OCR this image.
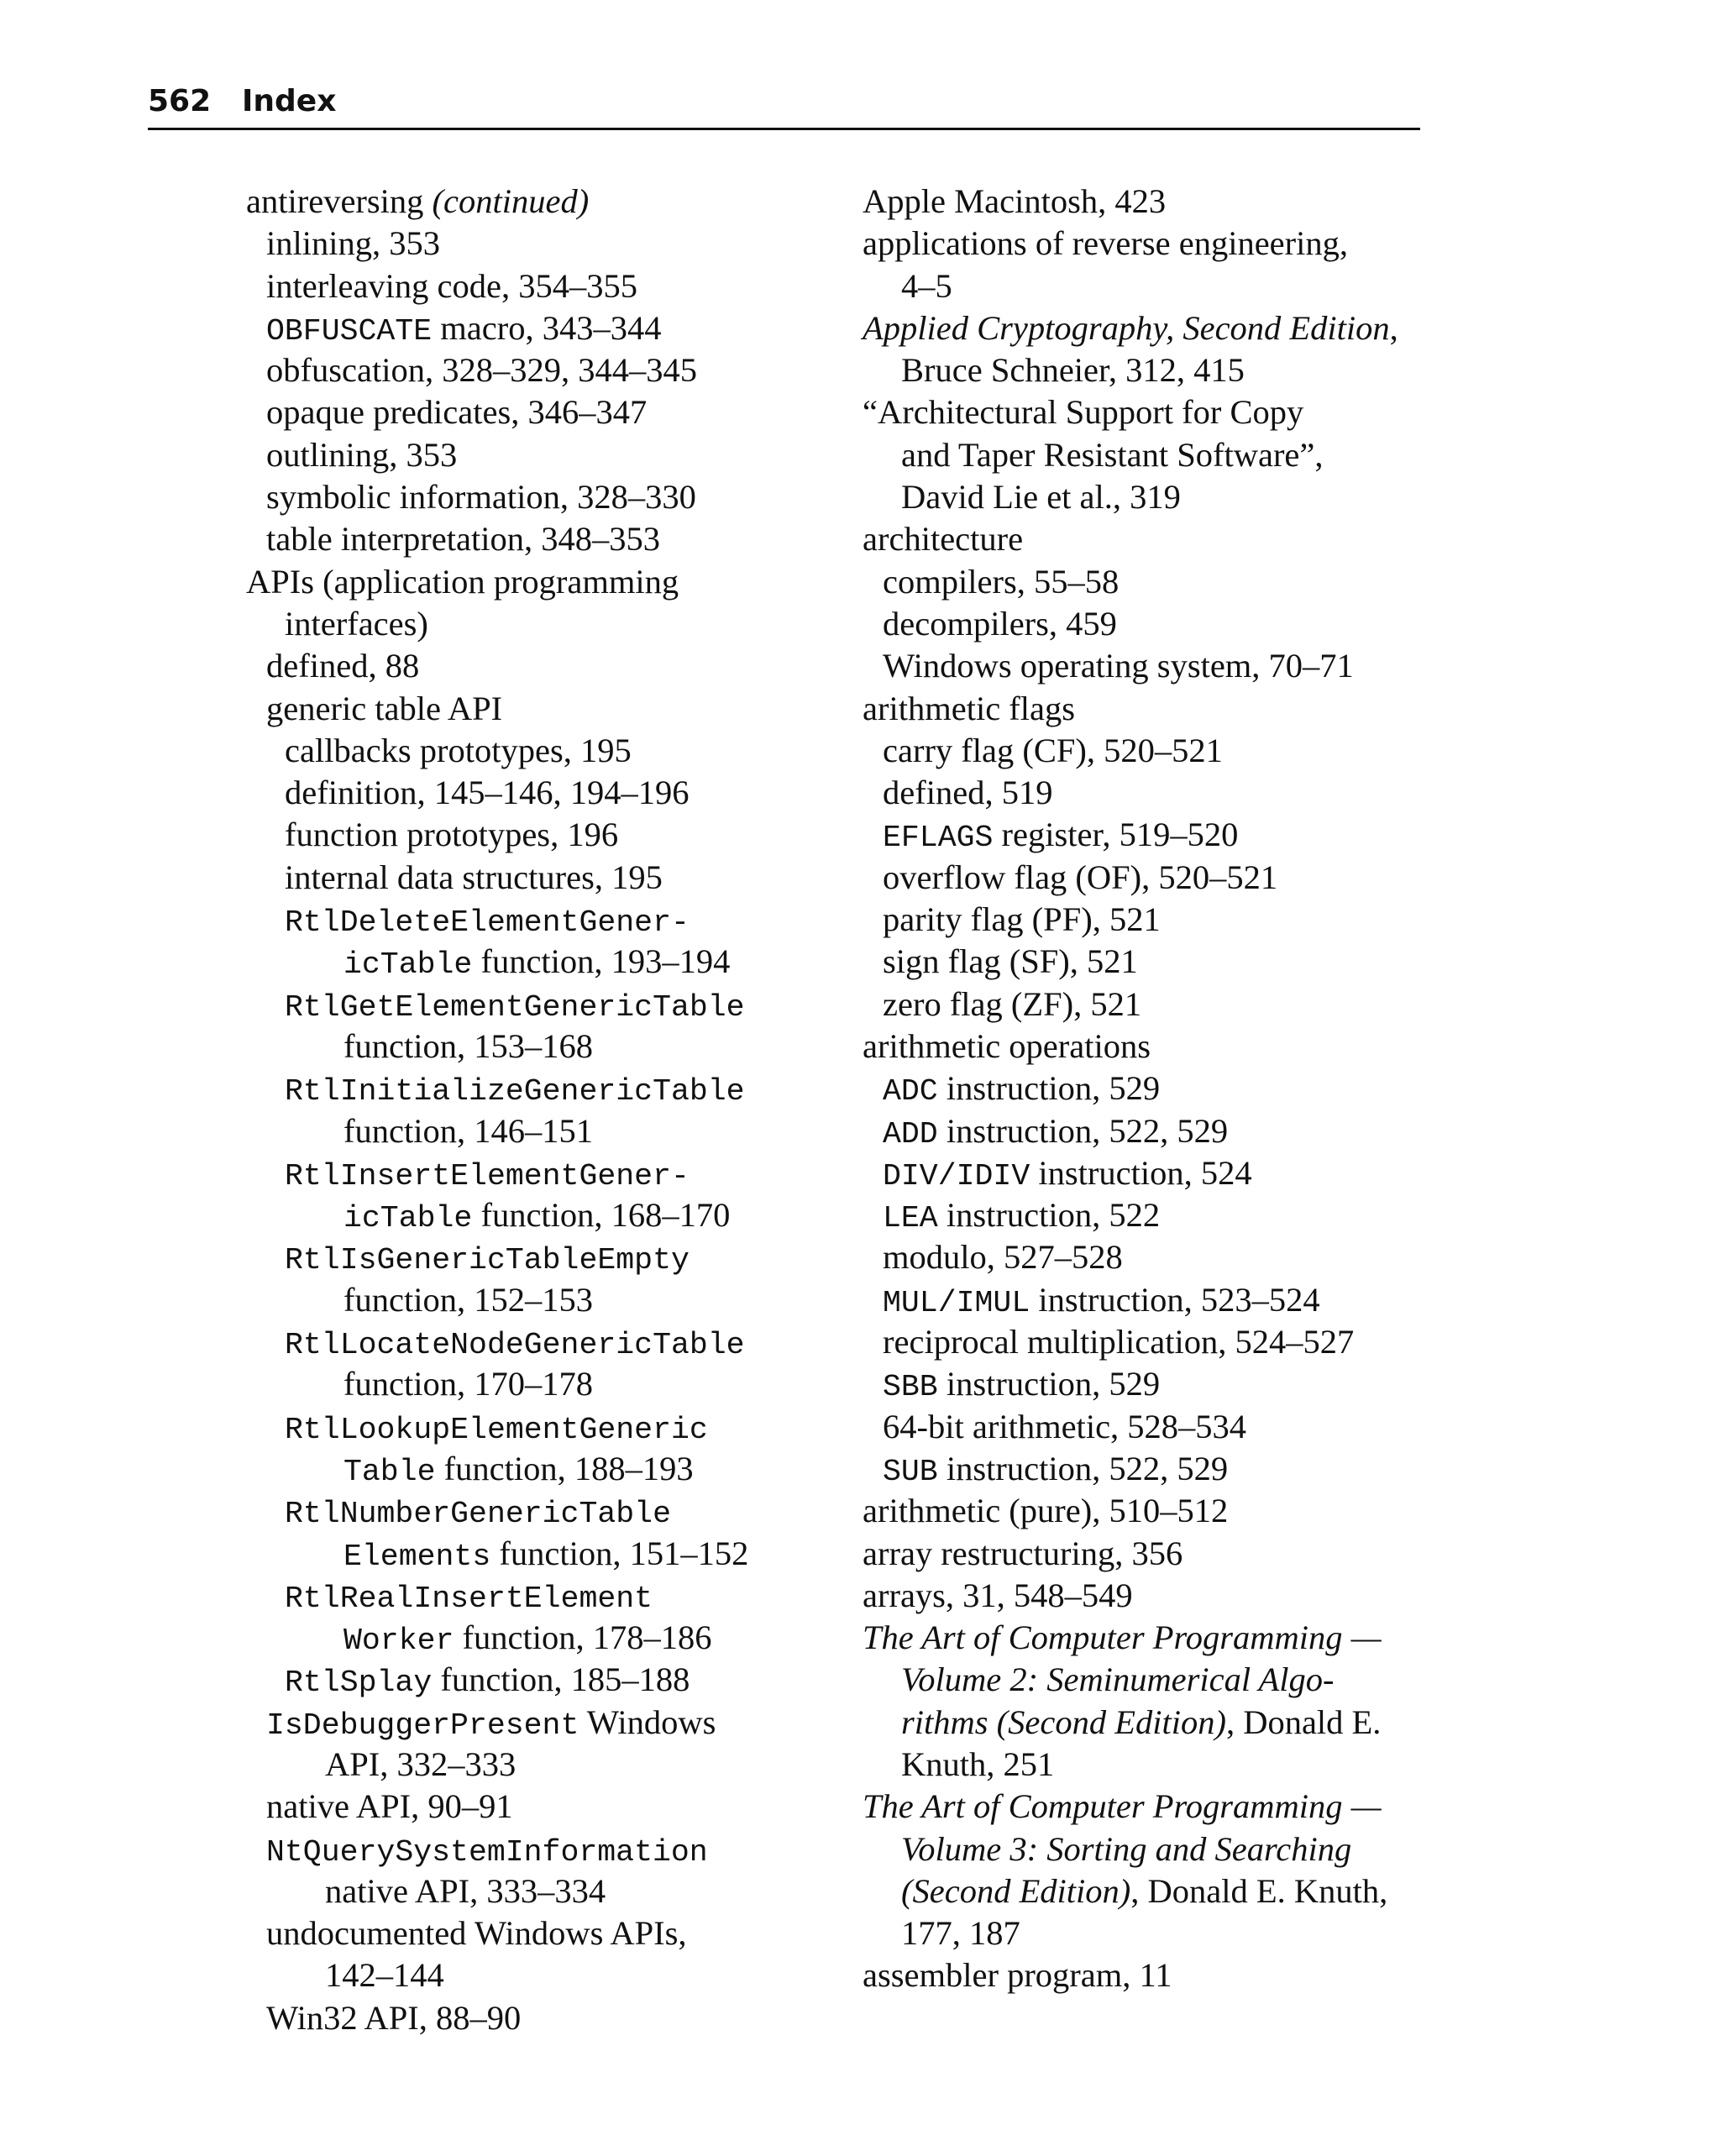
562 Index
antireversing (continued)
inlining, 353
interleaving code, 354–355
OBFUSCATE macro, 343–344
obfuscation, 328–329, 344–345
opaque predicates, 346–347
outlining, 353
symbolic information, 328–330
table interpretation, 348–353
APIs (application programming
interfaces)
defined, 88
generic table API
callbacks prototypes, 195
definition, 145–146, 194–196
function prototypes, 196
internal data structures, 195
RtlDeleteElementGener-
icTable function, 193–194
RtlGetElementGenericTable
function, 153–168
RtlInitializeGenericTable
function, 146–151
RtlInsertElementGener-
icTable function, 168–170
RtlIsGenericTableEmpty
function, 152–153
RtlLocateNodeGenericTable
function, 170–178
RtlLookupElementGeneric
Table function, 188–193
RtlNumberGenericTable
Elements function, 151–152
RtlRealInsertElement
Worker function, 178–186
RtlSplay function, 185–188
IsDebuggerPresent Windows
API, 332–333
native API, 90–91
NtQuerySystemInformation
native API, 333–334
undocumented Windows APIs,
142–144
Win32 API, 88–90
Apple Macintosh, 423
applications of reverse engineering,
4–5
Applied Cryptography, Second Edition,
Bruce Schneier, 312, 415
“Architectural Support for Copy
and Taper Resistant Software”,
David Lie et al., 319
architecture
compilers, 55–58
decompilers, 459
Windows operating system, 70–71
arithmetic flags
carry flag (CF), 520–521
defined, 519
EFLAGS register, 519–520
overflow flag (OF), 520–521
parity flag (PF), 521
sign flag (SF), 521
zero flag (ZF), 521
arithmetic operations
ADC instruction, 529
ADD instruction, 522, 529
DIV/IDIV instruction, 524
LEA instruction, 522
modulo, 527–528
MUL/IMUL instruction, 523–524
reciprocal multiplication, 524–527
SBB instruction, 529
64-bit arithmetic, 528–534
SUB instruction, 522, 529
arithmetic (pure), 510–512
array restructuring, 356
arrays, 31, 548–549
The Art of Computer Programming —
Volume 2: Seminumerical Algo-
rithms (Second Edition), Donald E.
Knuth, 251
The Art of Computer Programming —
Volume 3: Sorting and Searching
(Second Edition), Donald E. Knuth,
177, 187
assembler program, 11
